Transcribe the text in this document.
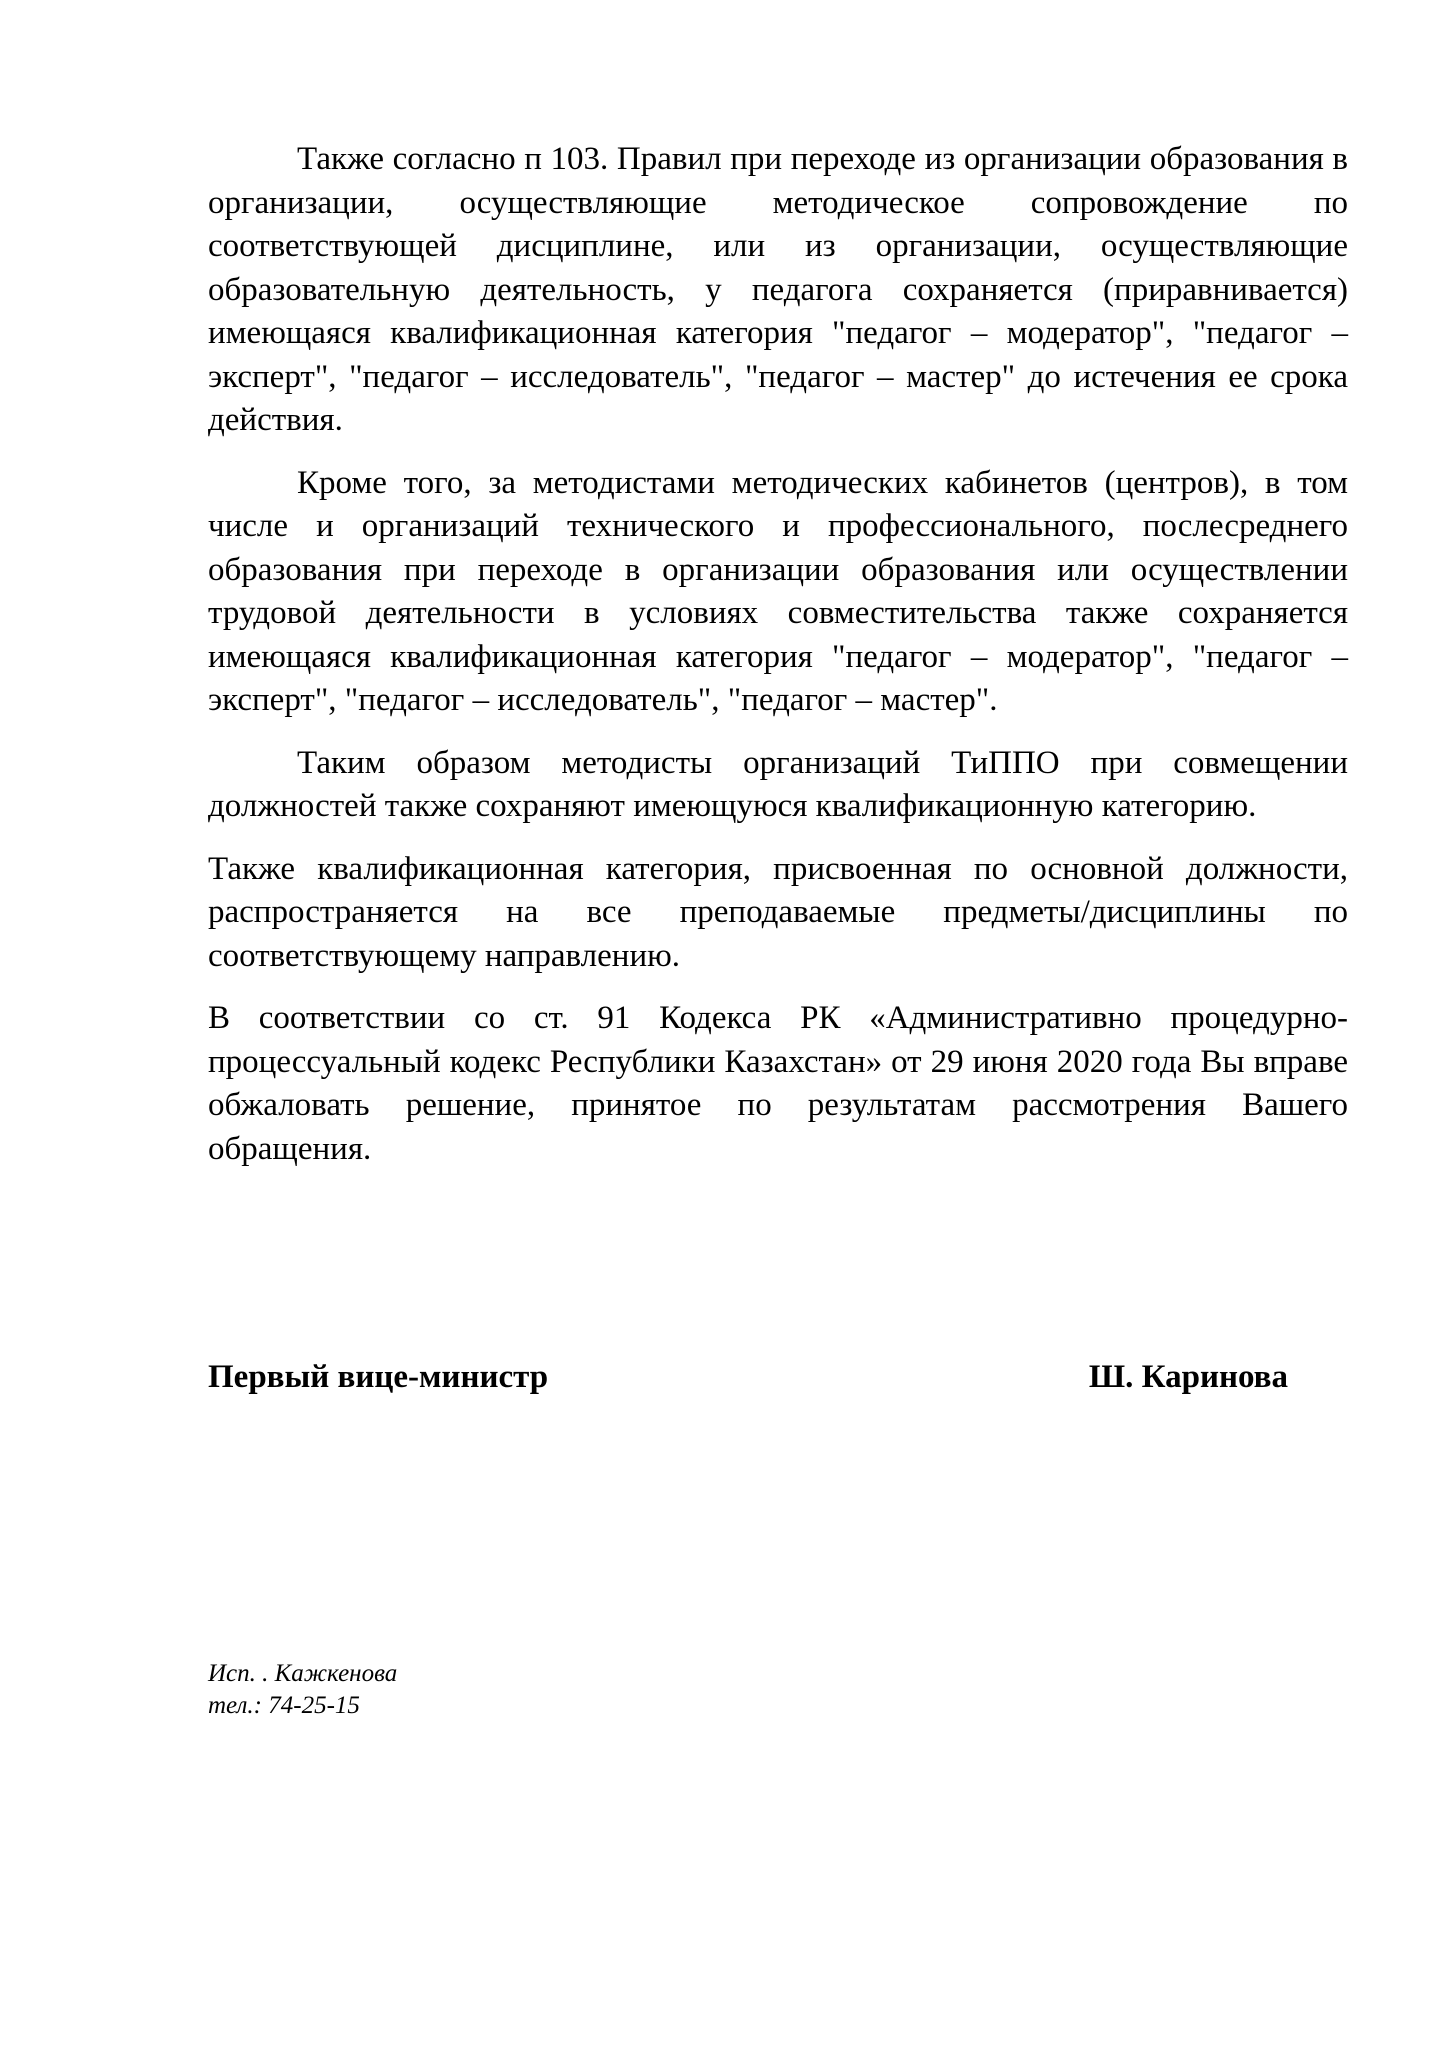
Также согласно п 103. Правил при переходе из организации образования в организации, осуществляющие методическое сопровождение по соответствующей дисциплине, или из организации, осуществляющие образовательную деятельность, у педагога сохраняется (приравнивается) имеющаяся квалификационная категория "педагог – модератор", "педагог – эксперт", "педагог – исследователь", "педагог – мастер" до истечения ее срока действия.

Кроме того, за методистами методических кабинетов (центров), в том числе и организаций технического и профессионального, послесреднего образования при переходе в организации образования или осуществлении трудовой деятельности в условиях совместительства также сохраняется имеющаяся квалификационная категория "педагог – модератор", "педагог – эксперт", "педагог – исследователь", "педагог – мастер".

Таким образом методисты организаций ТиППО при совмещении должностей также сохраняют имеющуюся квалификационную категорию.

Также квалификационная категория, присвоенная по основной должности, распространяется на все преподаваемые предметы/дисциплины по соответствующему направлению.

В соответствии со ст. 91 Кодекса РК «Административно процедурно-процессуальный кодекс Республики Казахстан» от 29 июня 2020 года Вы вправе обжаловать решение, принятое по результатам рассмотрения Вашего обращения.

Первый вице-министр	Ш. Каринова
Исп. . Кажкенова
тел.: 74-25-15
